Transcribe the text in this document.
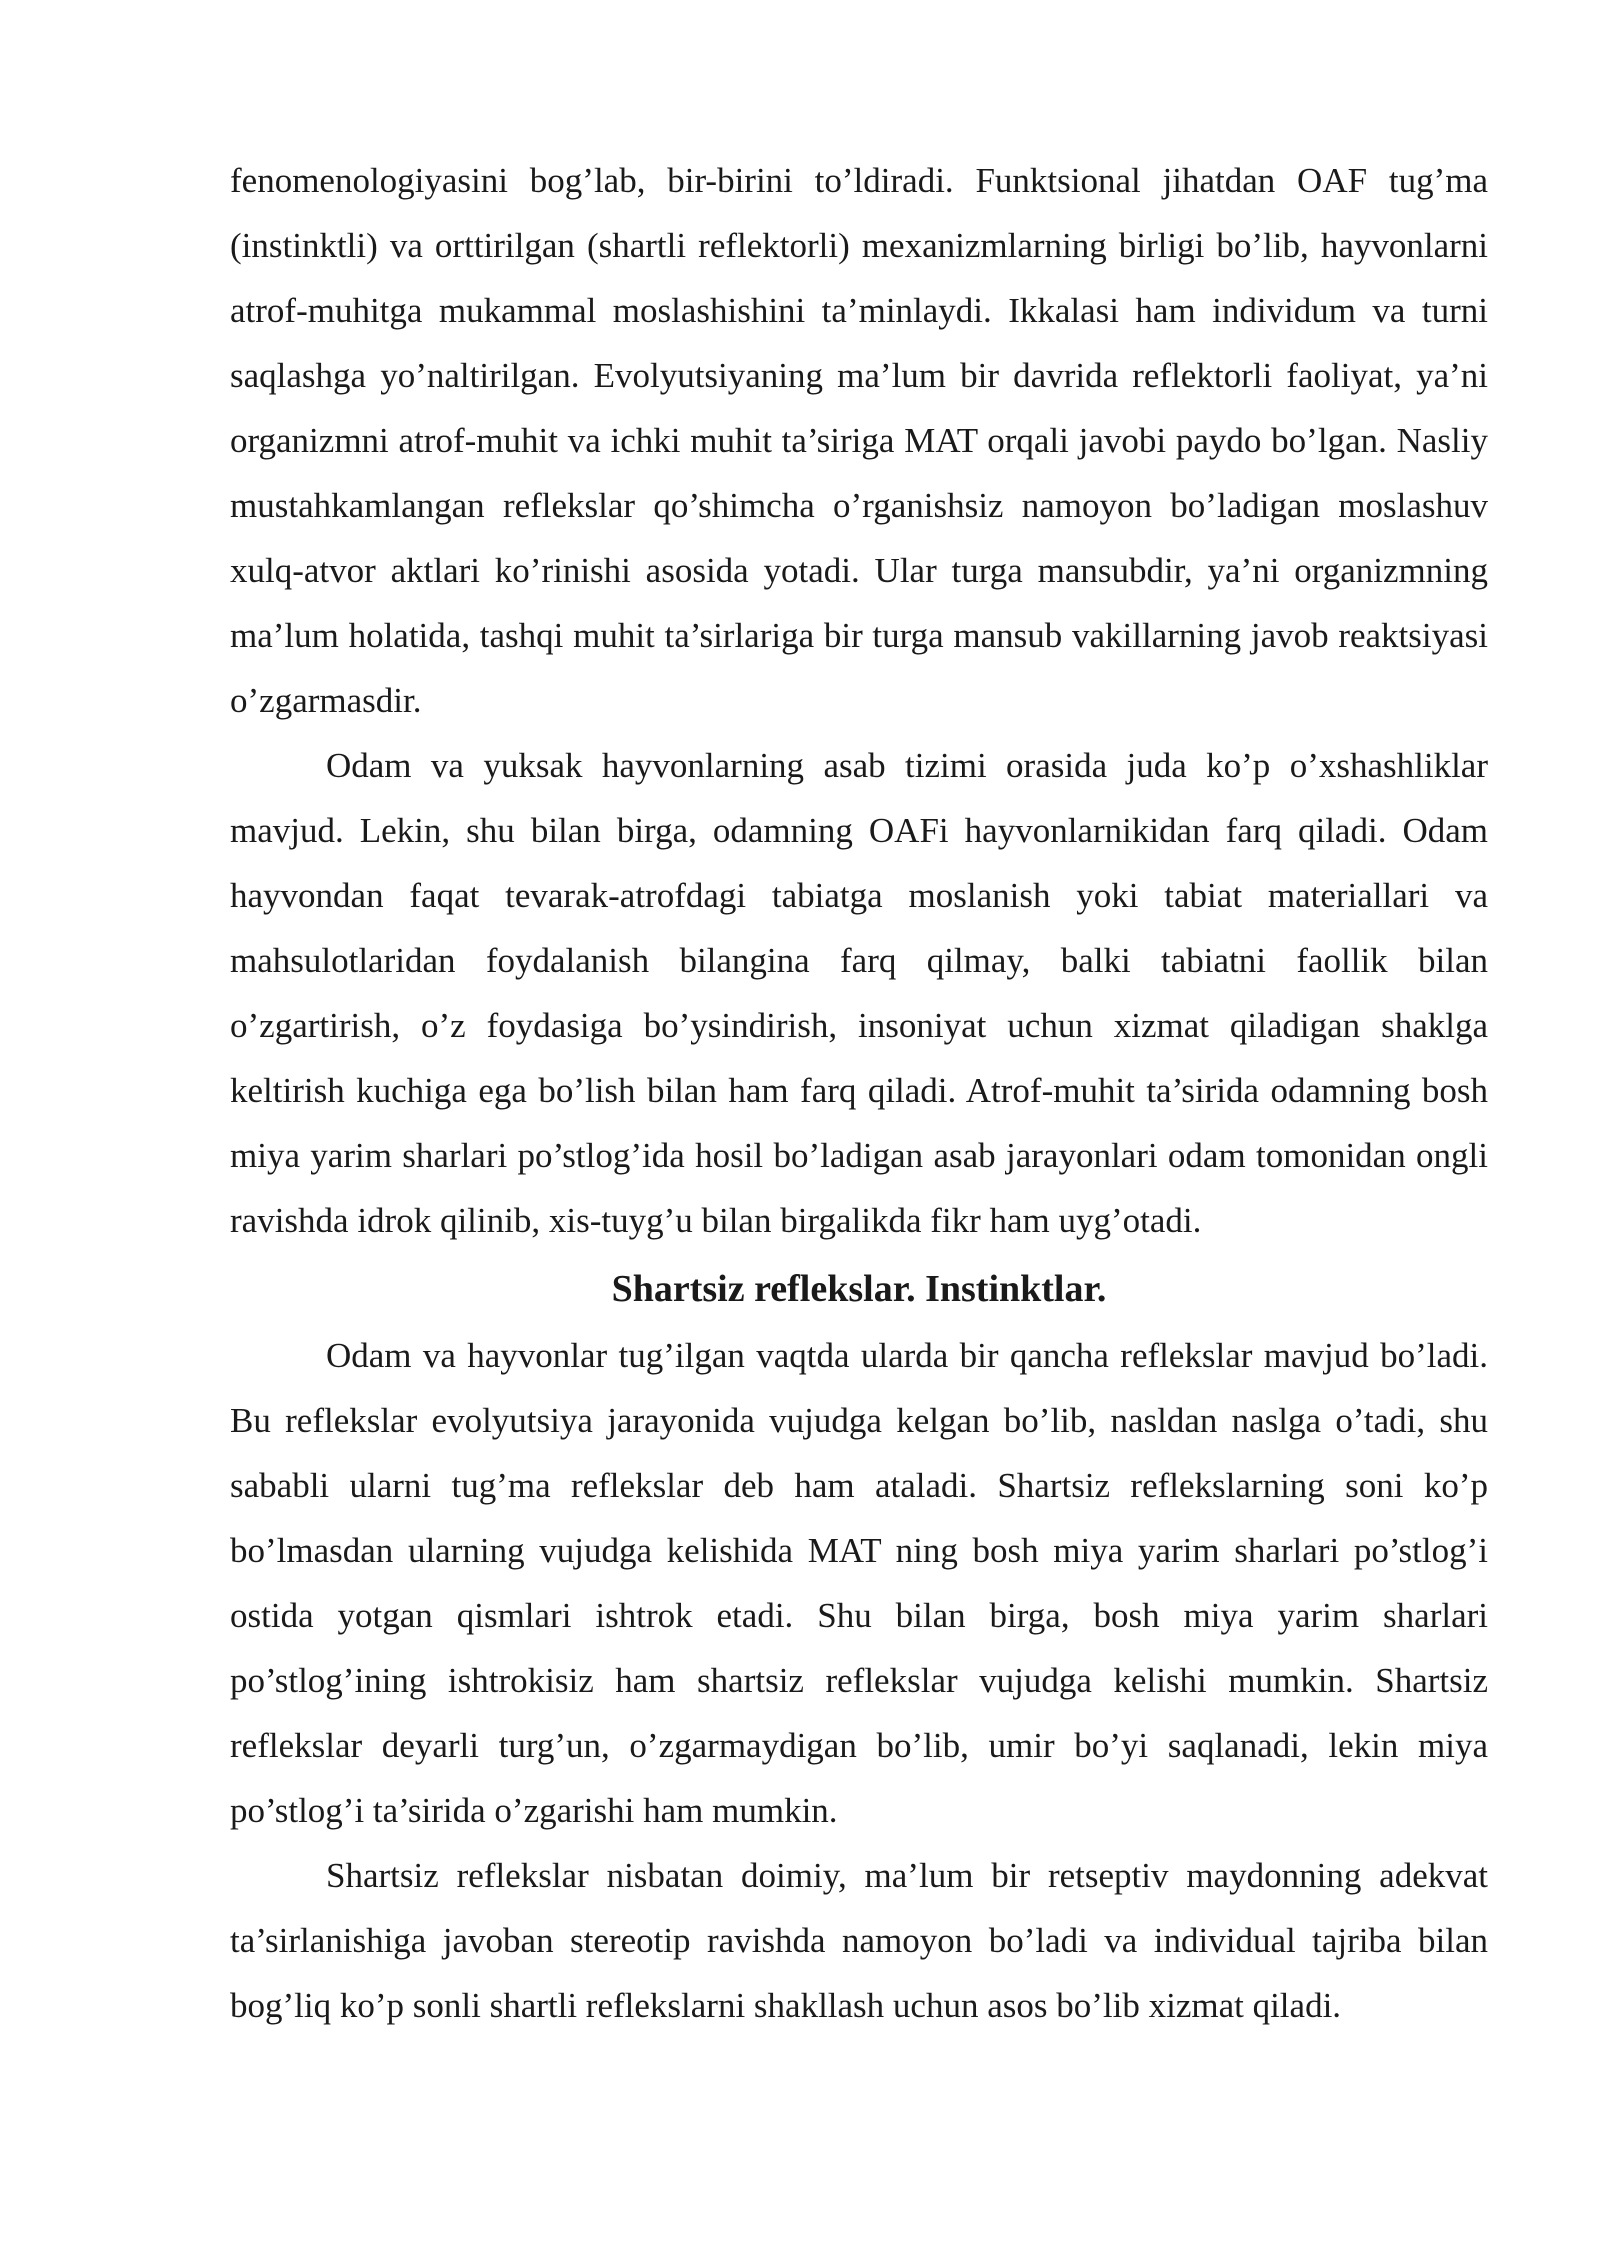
fenomenologiyasini bog’lab, bir-birini to’ldiradi. Funktsional jihatdan OAF tug’ma (instinktli) va orttirilgan (shartli reflektorli) mexanizmlarning birligi bo’lib, hayvonlarni atrof-muhitga mukammal moslashishini ta’minlaydi. Ikkalasi ham individum va turni saqlashga yo’naltirilgan. Evolyutsiyaning ma’lum bir davrida reflektorli faoliyat, ya’ni organizmni atrof-muhit va ichki muhit ta’siriga MAT orqali javobi paydo bo’lgan. Nasliy mustahkamlangan reflekslar qo’shimcha o’rganishsiz namoyon bo’ladigan moslashuv xulq-atvor aktlari ko’rinishi asosida yotadi. Ular turga mansubdir, ya’ni organizmning ma’lum holatida, tashqi muhit ta’sirlariga bir turga mansub vakillarning javob reaktsiyasi o’zgarmasdir.

Odam va yuksak hayvonlarning asab tizimi orasida juda ko’p o’xshashliklar mavjud. Lekin, shu bilan birga, odamning OAFi hayvonlarnikidan farq qiladi. Odam hayvondan faqat tevarak-atrofdagi tabiatga moslanish yoki tabiat materiallari va mahsulotlaridan foydalanish bilangina farq qilmay, balki tabiatni faollik bilan o’zgartirish, o’z foydasiga bo’ysindirish, insoniyat uchun xizmat qiladigan shaklga keltirish kuchiga ega bo’lish bilan ham farq qiladi. Atrof-muhit ta’sirida odamning bosh miya yarim sharlari po’stlog’ida hosil bo’ladigan asab jarayonlari odam tomonidan ongli ravishda idrok qilinib, xis-tuyg’u bilan birgalikda fikr ham uyg’otadi.

Shartsiz reflekslar. Instinktlar.

Odam va hayvonlar tug’ilgan vaqtda ularda bir qancha reflekslar mavjud bo’ladi. Bu reflekslar evolyutsiya jarayonida vujudga kelgan bo’lib, nasldan naslga o’tadi, shu sababli ularni tug’ma reflekslar deb ham ataladi. Shartsiz reflekslarning soni ko’p bo’lmasdan ularning vujudga kelishida MAT ning bosh miya yarim sharlari po’stlog’i ostida yotgan qismlari ishtrok etadi. Shu bilan birga, bosh miya yarim sharlari po’stlog’ining ishtrokisiz ham shartsiz reflekslar vujudga kelishi mumkin. Shartsiz reflekslar deyarli turg’un, o’zgarmaydigan bo’lib, umir bo’yi saqlanadi, lekin miya po’stlog’i ta’sirida o’zgarishi ham mumkin.

Shartsiz reflekslar nisbatan doimiy, ma’lum bir retseptiv maydonning adekvat ta’sirlanishiga javoban stereotip ravishda namoyon bo’ladi va individual tajriba bilan bog’liq ko’p sonli shartli reflekslarni shakllash uchun asos bo’lib xizmat qiladi.
